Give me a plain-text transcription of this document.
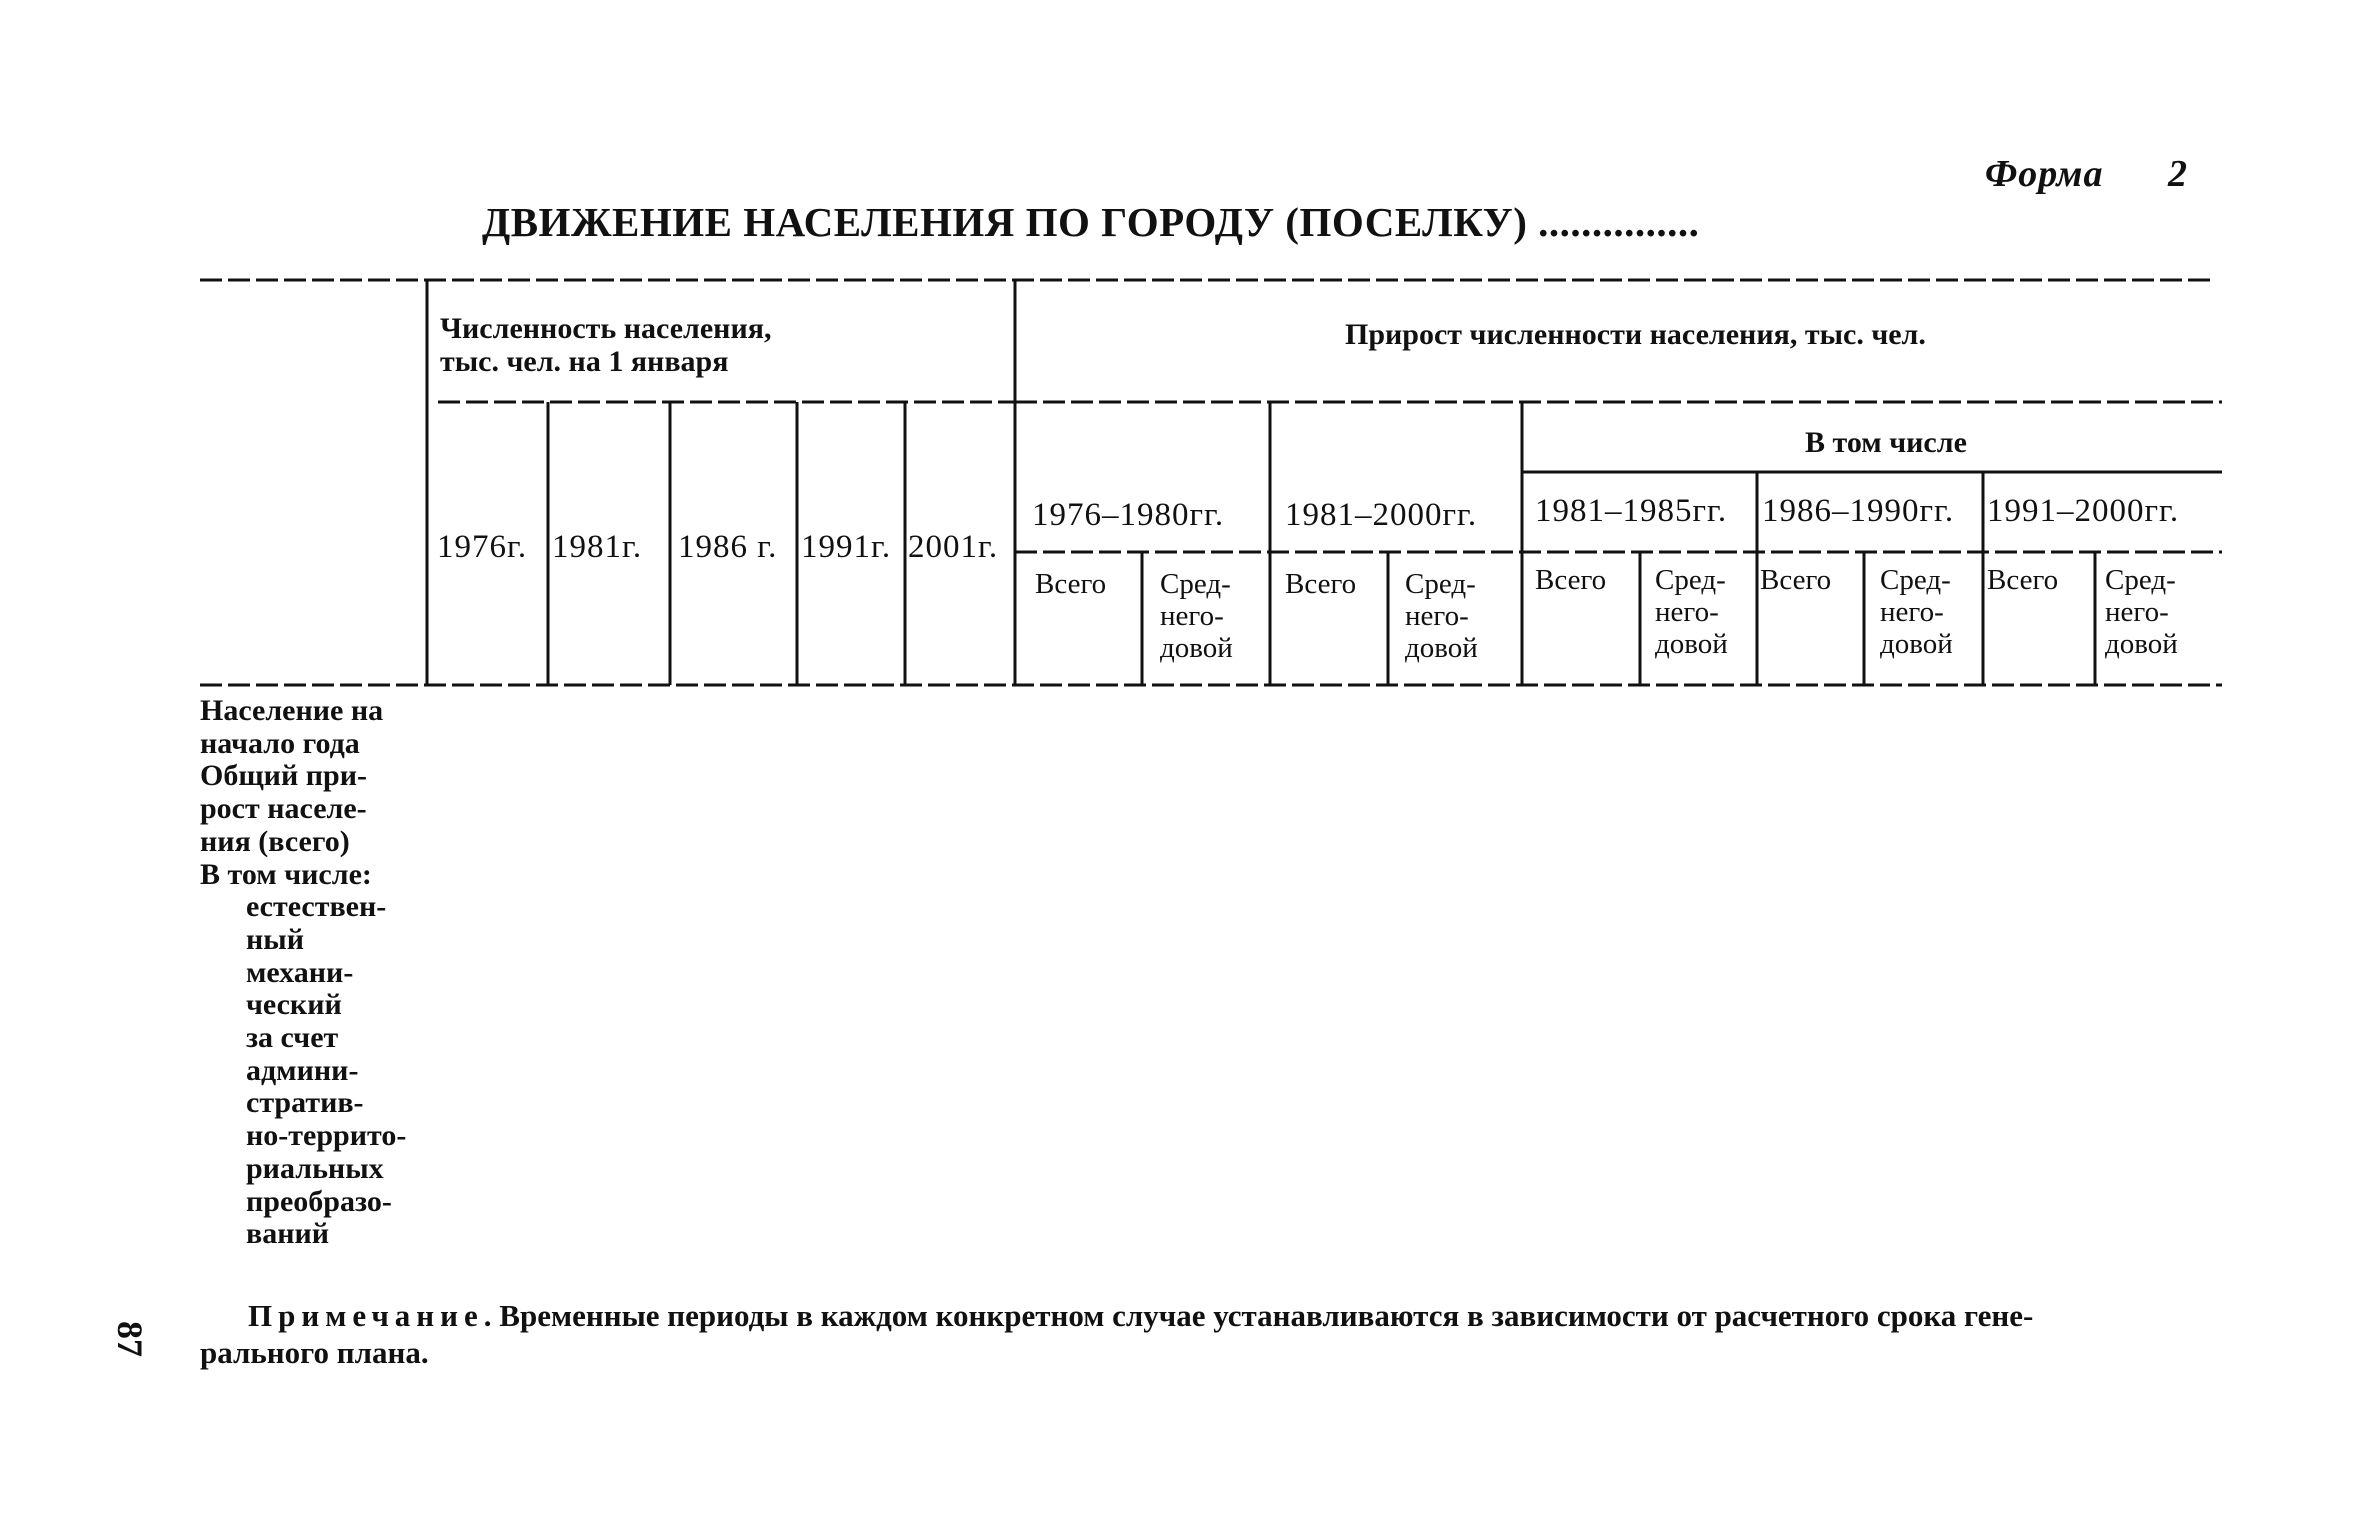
Форма 2
ДВИЖЕНИЕ НАСЕЛЕНИЯ ПО ГОРОДУ (ПОСЕЛКУ) ...............
Численность населения,
тыс. чел. на 1 января
Прирост численности населения, тыс. чел.
В том числе
1976г. 1981г. 1986 г. 1991г. 2001г.
1976–1980гг. 1981–2000гг. 1981–1985гг. 1986–1990гг. 1991–2000гг.
Всего Сред-
него-
довой
Всего Сред-
него-
довой
Всего Сред-
него-
довой
Всего Сред-
него-
довой
Всего Сред-
него-
довой
Население на
начало года
Общий при-
рост населе-
ния (всего)
В том числе:
естествен-
ный
механи-
ческий
за счет
админи-
стратив-
но-террито-
риальных
преобразо-
ваний
Примечание. Временные периоды в каждом конкретном случае устанавливаются в зависимости от расчетного срока гене-
рального плана.
87
